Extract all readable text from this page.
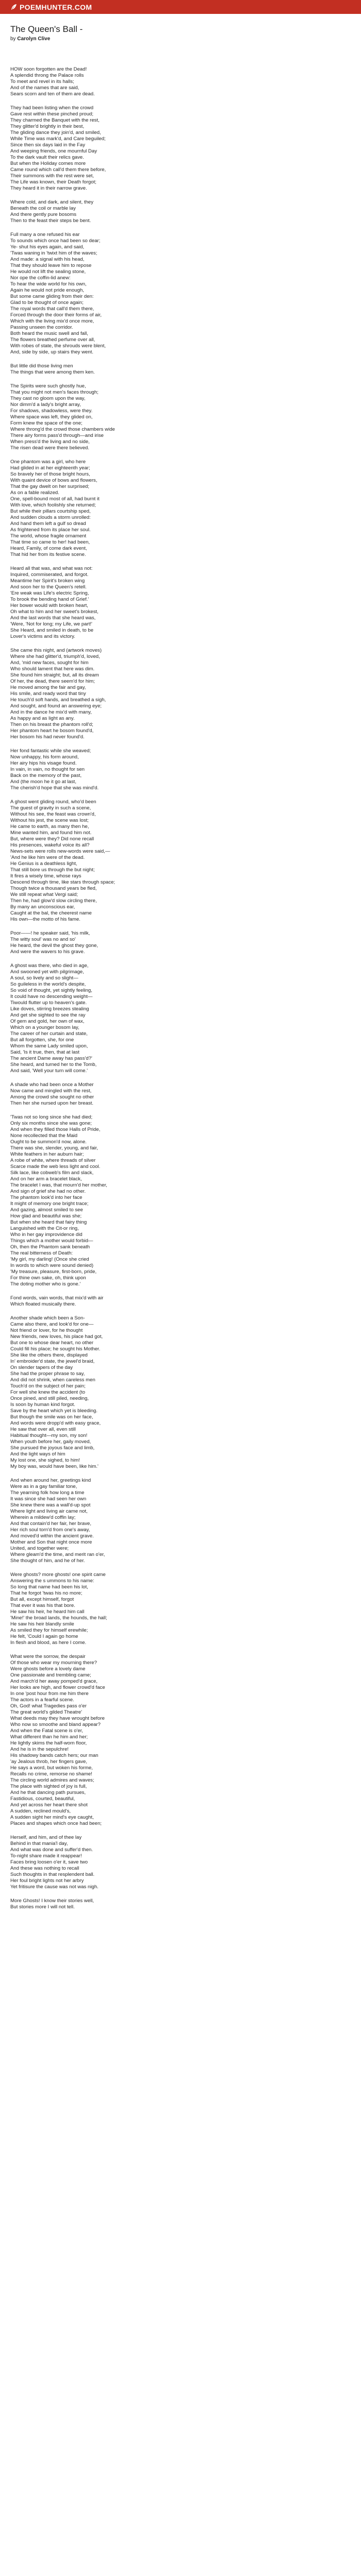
POEMHUNTER.COM
The Queen's Ball -
by Carolyn Clive
HOW soon forgotten are the Dead!
A splendid throng the Palace rolls
To meet and revel in its halls;
And of the names that are said,
Sears scorn and ten of them are dead.
They had been listing when the crowd
Gave rest within these pinched proud;
They charmed the Banquet with the rest,
They glitter'd brightly in their best,
The gliding dance they join'd, and smiled,
While Time was mark'd, and Care beguiled;
Since then six days laid in the Fay
And weeping friends, one mournful Day
To the dark vault their relics gave.
But when the Holiday comes more
Came round which call'd them there before,
Their summons with the rest were set,
The Life was known, their Death forgot;
They heard it in their narrow grave.
Where cold, and dark, and silent, they
Beneath the coil or marble lay
And there gently pure bosoms
Then to the feast their steps be bent.
Full many a one refused his ear
To sounds which once had been so dear;
Ye- shut his eyes again, and said,
'Twas waning in 'twixt him of the waves;
And made: a signal with his head,
That they should leave him to repose
He would not lift the sealing stone,
Nor ope the coffin-lid anew:
To hear the wide world for his own,
Again he would not pride enough,
But some came gliding from their den:
Glad to be thought of once again;
The royal words that call'd them there,
Forced through the door their forms of air,
Which with the living mix'd once more,
Passing unseen the corridor.
Both heard the music swell and fall,
The flowers breathed perfume over all,
With robes of state, the shrouds were blent,
And, side by side, up stairs they went.
But little did those living men
The things that were among them ken.
The Spirits were such ghostly hue,
That you might not men's faces through;
They cast no gloom upon the way,
Nor dimm'd a lady's bright array,
For shadows, shadowless, were they.
Where space was left, they glided on,
Form knew the space of the one;
Where throng'd the crowd those chambers wide
There airy forms pass'd through—and irise
When press'd the living and no side,
The risen dead were there believed.
One phantom was a girl, who here
Had glided in at her eighteenth year;
So bravely her of those bright hours,
With quaint device of bows and flowers,
That the gay dwelt on her surprised;
As on a fable realized.
One, spell-bound most of all, had burnt it
With love, which foolishly she returned;
But while their pillars courtship sped,
And sudden clouds a storm unrolled:
And hand them left a gulf so dread
As frightened from its place her soul.
The world, whose fragile ornament
That time so came to her! had been,
Heard, Family, of come dark event,
That hid her from its festive scene.
Heard all that was, and what was not:
Inquired, commiserated, and forgot.
Meantime her Spirit's broken wing
And soon her to the Queen's retell.
'Ere weak was Life's electric Spring,
To brook the bending hand of Grief.'
Her bower would with broken heart,
Oh what to him and her sweet's brokest,
And the last words that she heard was,
'Were, 'Not for long; my Life, we part!'
She Heard, and smiled in death, to be
Lover's victims and its victory.
She came this night, and (artwork moves)
Where she had glitter'd, triumph'd, loved,
And, 'mid new faces, sought for him
Who should lament that here was dim.
She found him straight; but, all its dream
Of her, the dead, there seem'd for him;
He moved among the fair and gay,
His smile, and ready word that tiny
He touch'd soft hands, and breathed a sigh,
And sought, and found an answering eye;
And in the dance he mix'd with many,
As happy and as light as any.
Then on his breast the phantom roll'd;
Her phantom heart he bosom found'd,
Her bosom his had never found'd.
Her fond fantastic while she weaved;
Now unhappy, his form around,
Her airy hips his visage found.
In vain, in vain, no thought for sen
Back on the memory of the past,
And (the moon he it go at last,
The cherish'd hope that she was mind'd.
A ghost went gliding round, who'd been
The guest of gravity in such a scene,
Without his see, the feast was crown'd,
Without his jest, the scene was lost;
He came to earth, as many then he,
Mine wanted him, and found him not.
But, where were they? Did none recall
His presences, wakeful voice its all?
News-sets were rolls new-words were said,—
'And he like him were of the dead.
He Genius is a deathless light,
That still bore us through the but night;
It fires a wisely time, whose rays
Descend through time, like stars through space;
Though twice a thousand years be fled,
We still repeat what Vergi said;
Then he, had glow'd slow circling there,
By many an unconscious ear,
Caught at the bal, the cheerest name
His own—the motto of his fame.
Poor——! he speaker said, 'his milk,
The witty soul' was no and so'
He heard, the devil the ghost they gone,
And were the wavers to his grave.
A ghost was there, who died in age,
And swooned yet with pilgrimage,
A soul, so lively and so slight—
So guileless in the world's despite,
So void of thought, yet sightly feeling,
It could have no descending weight—
Tiwould flutter up to heaven's gate.
Like doves, stirring breezes stealing
And get she sighted to see the ray
Of gem and gold, her own of wax,
Which on a younger bosom lay,
The career of her curtain and state,
But all forgotten, she, for one
Whom the same Lady smiled upon,
Said, 'Is it true, then, that at last
The ancient Dame away has pass'd?'
She heard, and turned her to the Tomb,
And said, 'Well your turn will come.'
A shade who had been once a Mother
Now came and mingled with the rest,
Among the crowd she sought no other
Then her she nursed upon her breast.
'Twas not so long since she had died;
Only six months since she was gone;
And when they filled those Halls of Pride,
None recollected that the Maid
Ought to be summon'd now, alone.
There was she, slender, young, and fair,
White feathers in her auburn hair;
A robe of white, where threads of silver
Scarce made the web less light and cool.
Silk lace, like cobweb's film and slack,
And on her arm a bracelet black,
The bracelet I was, that mourn'd her mother,
And sign of grief she had no other.
The phantom look'd into her face
It might of memory one bright trace;
And gazing, almost smiled to see
How glad and beautiful was she;
But when she heard that fairy thing
Languished with the Cit-or ring,
Who in her gay improvidence did
Things which a mother would forbid—
Oh, then the Phantom sank beneath
The real bitterness of Death:
'My girl, my darling! (Once she cried
In words to which were sound denied)
'My treasure, pleasure, first-born, pride,
For thine own sake, oh, think upon
The doting mother who is gone.'
Fond words, vain words, that mix'd with air
Which floated musically there.
Another shade which been a Son-
Came also there, and look'd for one—
Not friend or lover, for he thought
New friends, new loves, his place had got,
But one to whose dear heart, no other
Could fill his place; he sought his Mother.
She like the others there, displayed
In' embroider'd state, the jewel'd braid,
On slender tapers of the day
She had the proper phrase to say,
And did not shrink, when careless men
Touch'd on the subject of her pain;
For well she knew the accident (to
Once pined, and still piled, needing,
Is soon by human kind forgot.
Save by the heart which yet is bleeding.
But though the smile was on her face,
And words were dropp'd with easy grace,
He saw that over all, even still
Habitual thought—my son, my son!
When youth before her, gaily moved,
She pursued the joyous face and limb,
And the light ways of him
My lost one, she sighed, to him!
My boy was, would have been, like him.'
And when around her, greetings kind
Were as in a gay familiar tone,
The yearning folk how long a time
It was since she had seen her own
She knew there was a wall'd-up spot
Where light and living air came not,
Wherein a mildew'd coffin lay;
And that contain'd her fair, her brave,
Her rich soul torn'd from one's away,
And moved'd within the ancient grave.
Mother and Son that night once more
United, and together were;
Where gleam'd the time, and merit ran o'er,
She thought of him, and he of her.
Were ghosts? more ghosts! one spirit came
Answering the s ummons to his name:
So long that name had been his lot,
That he forgot 'twas his no more;
But all, except himself, forgot
That ever it was his that bore.
He saw his heir, he heard him call
'Mine!' the broad lands, the hounds, the hall;
He saw his heir blandly smile
As smiled they for himself erewhile;
He felt, 'Could I again go home
In flesh and blood, as here I come.
What were the sorrow, the despair
Of those who wear my mourning there?
Were ghosts before a lovely dame
One passionate and trembling came;
And march'd her away pomped'd grace,
Her looks are high, and flower crowd'd face
In one 'post hour from me him there
The actors in a fearful scene.
Oh, God! what Tragedies pass o'er
The great world's gilded Theatre'
What deeds may they have wrought before
Who now so smoothe and bland appear?
And when the Fatal scene is o'er,
What different than he him and her;
He lightly skims the half-worn floor,
And he is in the sepulchre!
His shadowy bands catch hers; our man
'ay Jealous throb, her fingers gave,
He says a word, but woken his forme,
Recalls no crime, remorse no shame!
The circling world admires and waves;
The place with sighted of joy is full,
And he that dancing path pursues,
Fastidious, courted, beautiful,
And yet across her heart there shot
A sudden, reclined mould's,
A sudden sight her mind's eye caught,
Places and shapes which once had been;
Herself, and him, and of thee lay
Behind in that mania'l day,
And what was done and suffer'd then.
To-night share made it reappear!
Faces bring loosen o'er it, save two
And these was nothing to recall
Such thoughts in that resplendent ball.
Her foul bright lights not her arbry
Yet fritisure the cause was not was nigh.
More Ghosts! I know their stories well,
But stories more I will not tell.
